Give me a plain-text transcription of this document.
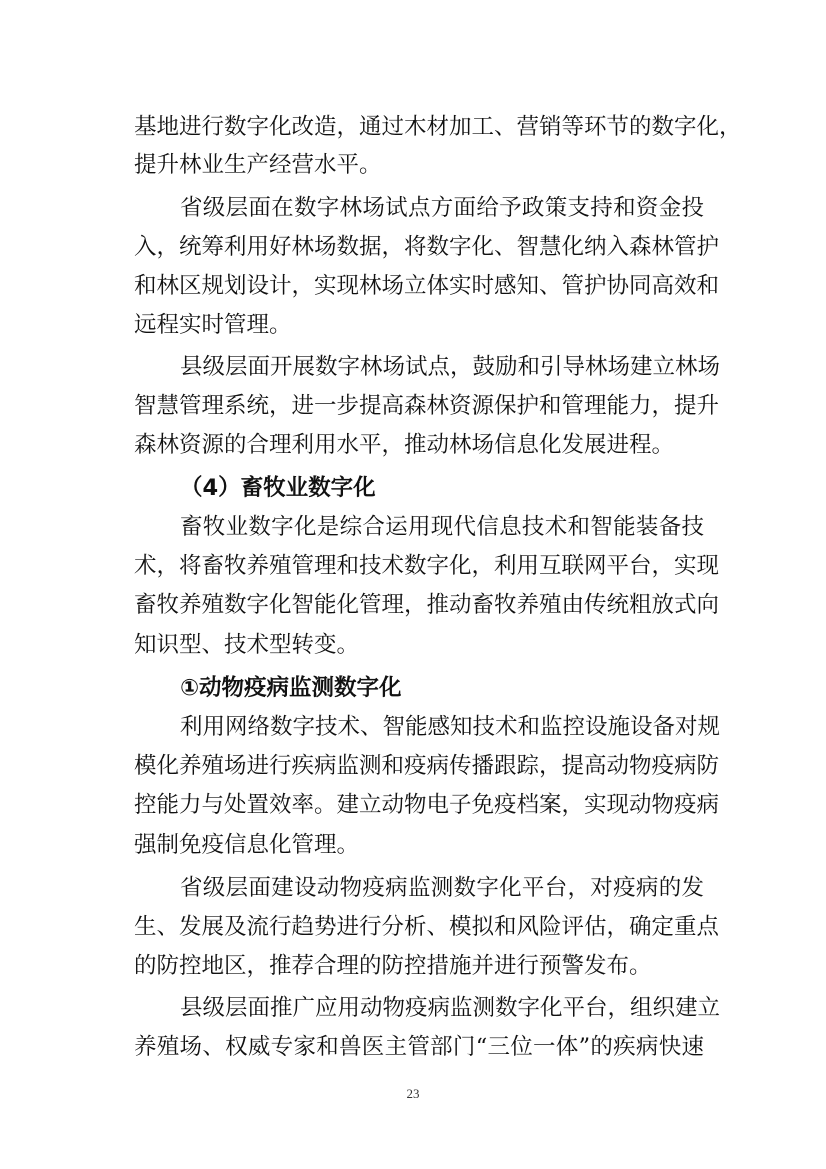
基地进行数字化改造，通过木材加工、营销等环节的数字化，
提升林业生产经营水平。
省级层面在数字林场试点方面给予政策支持和资金投
入，统筹利用好林场数据，将数字化、智慧化纳入森林管护
和林区规划设计，实现林场立体实时感知、管护协同高效和
远程实时管理。
县级层面开展数字林场试点，鼓励和引导林场建立林场
智慧管理系统，进一步提高森林资源保护和管理能力，提升
森林资源的合理利用水平，推动林场信息化发展进程。
（4）畜牧业数字化
畜牧业数字化是综合运用现代信息技术和智能装备技
术，将畜牧养殖管理和技术数字化，利用互联网平台，实现
畜牧养殖数字化智能化管理，推动畜牧养殖由传统粗放式向
知识型、技术型转变。
①动物疫病监测数字化
利用网络数字技术、智能感知技术和监控设施设备对规
模化养殖场进行疾病监测和疫病传播跟踪，提高动物疫病防
控能力与处置效率。建立动物电子免疫档案，实现动物疫病
强制免疫信息化管理。
省级层面建设动物疫病监测数字化平台，对疫病的发
生、发展及流行趋势进行分析、模拟和风险评估，确定重点
的防控地区，推荐合理的防控措施并进行预警发布。
县级层面推广应用动物疫病监测数字化平台，组织建立
养殖场、权威专家和兽医主管部门“三位一体”的疾病快速
23
